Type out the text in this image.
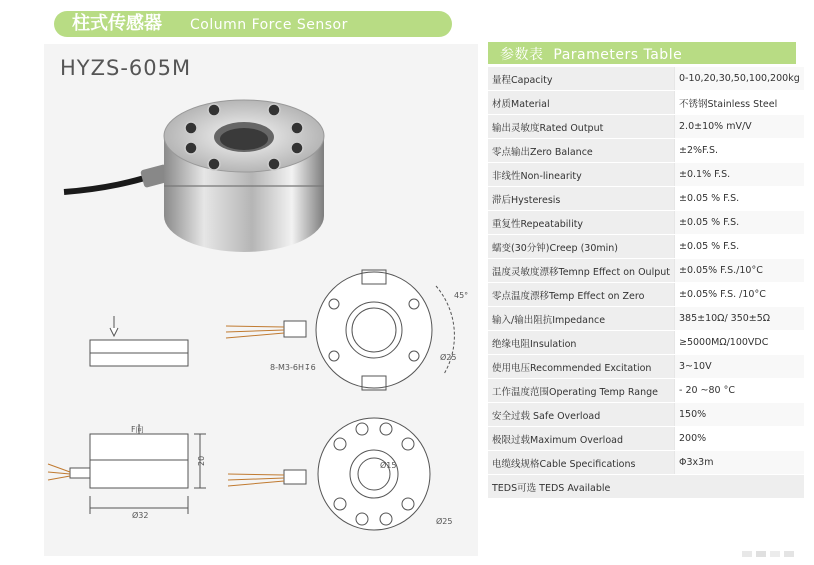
柱式传感器 Column Force Sensor
HYZS-605M
F向
20
Ø32
45°
8-M3-6H↧6
Ø25
Ø15
Ø25
参数表 Parameters Table
量程Capacity	0-10,20,30,50,100,200kg
材质Material	不锈钢Stainless Steel
输出灵敏度Rated Output	2.0±10% mV/V
零点输出Zero Balance	±2%F.S.
非线性Non-linearity	±0.1% F.S.
滞后Hysteresis	±0.05 % F.S.
重复性Repeatability	±0.05 % F.S.
蠕变(30分钟)Creep (30min)	±0.05 % F.S.
温度灵敏度漂移Temnp Effect on Oulput	±0.05% F.S./10°C
零点温度漂移Temp Effect on Zero	±0.05% F.S. /10°C
输入/输出阻抗Impedance	385±10Ω/ 350±5Ω
绝缘电阻Insulation	≥5000MΩ/100VDC
使用电压Recommended Excitation	3~10V
工作温度范围Operating Temp Range	- 20 ~80 °C
安全过载 Safe Overload	150%
极限过载Maximum Overload	200%
电缆线规格Cable Specifications	Φ3x3m
TEDS可选 TEDS Available	
